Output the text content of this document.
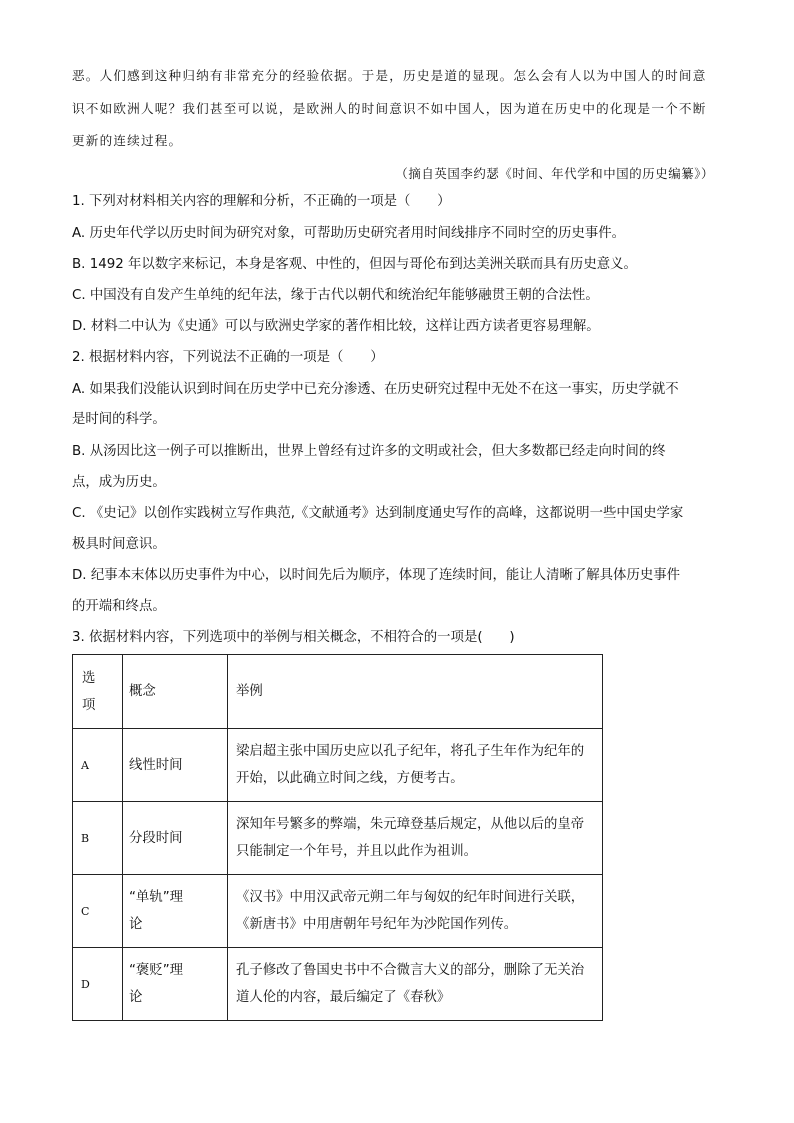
恶。人们感到这种归纳有非常充分的经验依据。于是，历史是道的显现。怎么会有人以为中国人的时间意
识不如欧洲人呢？我们甚至可以说，是欧洲人的时间意识不如中国人，因为道在历史中的化现是一个不断
更新的连续过程。
（摘自英国李约瑟《时间、年代学和中国的历史编纂》）
1. 下列对材料相关内容的理解和分析，不正确的一项是（　　）
A. 历史年代学以历史时间为研究对象，可帮助历史研究者用时间线排序不同时空的历史事件。
B. 1492 年以数字来标记，本身是客观、中性的，但因与哥伦布到达美洲关联而具有历史意义。
C. 中国没有自发产生单纯的纪年法，缘于古代以朝代和统治纪年能够融贯王朝的合法性。
D. 材料二中认为《史通》可以与欧洲史学家的著作相比较，这样让西方读者更容易理解。
2. 根据材料内容，下列说法不正确的一项是（　　）
A. 如果我们没能认识到时间在历史学中已充分渗透、在历史研究过程中无处不在这一事实，历史学就不
是时间的科学。
B. 从汤因比这一例子可以推断出，世界上曾经有过许多的文明或社会，但大多数都已经走向时间的终
点，成为历史。
C. 《史记》以创作实践树立写作典范,《文献通考》达到制度通史写作的高峰，这都说明一些中国史学家
极具时间意识。
D. 纪事本末体以历史事件为中心，以时间先后为顺序，体现了连续时间，能让人清晰了解具体历史事件
的开端和终点。
3. 依据材料内容，下列选项中的举例与相关概念，不相符合的一项是(　　)
选
项	概念	举例
A	线性时间	梁启超主张中国历史应以孔子纪年，将孔子生年作为纪年的
开始，以此确立时间之线，方便考古。

B	分段时间	深知年号繁多的弊端，朱元璋登基后规定，从他以后的皇帝
只能制定一个年号，并且以此作为祖训。

C	“单轨”理
论	《汉书》中用汉武帝元朔二年与匈奴的纪年时间进行关联，
《新唐书》中用唐朝年号纪年为沙陀国作列传。

D	“褒贬”理
论	孔子修改了鲁国史书中不合微言大义的部分，删除了无关治
道人伦的内容，最后编定了《春秋》
